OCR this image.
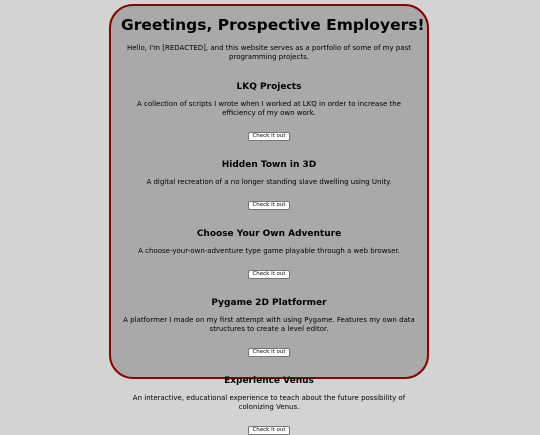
Greetings, Prospective Employers!
Hello, I'm [REDACTED], and this website serves as a portfolio of some of my past programming projects.
LKQ Projects
A collection of scripts I wrote when I worked at LKQ in order to increase the efficiency of my own work.
Check it out
Hidden Town in 3D
A digital recreation of a no longer standing slave dwelling using Unity.
Check it out
Choose Your Own Adventure
A choose-your-own-adventure type game playable through a web browser.
Check it out
Pygame 2D Platformer
A platformer I made on my first attempt with using Pygame. Features my own data structures to create a level editor.
Check it out
Experience Venus
An interactive, educational experience to teach about the future possibility of colonizing Venus.
Check it out
